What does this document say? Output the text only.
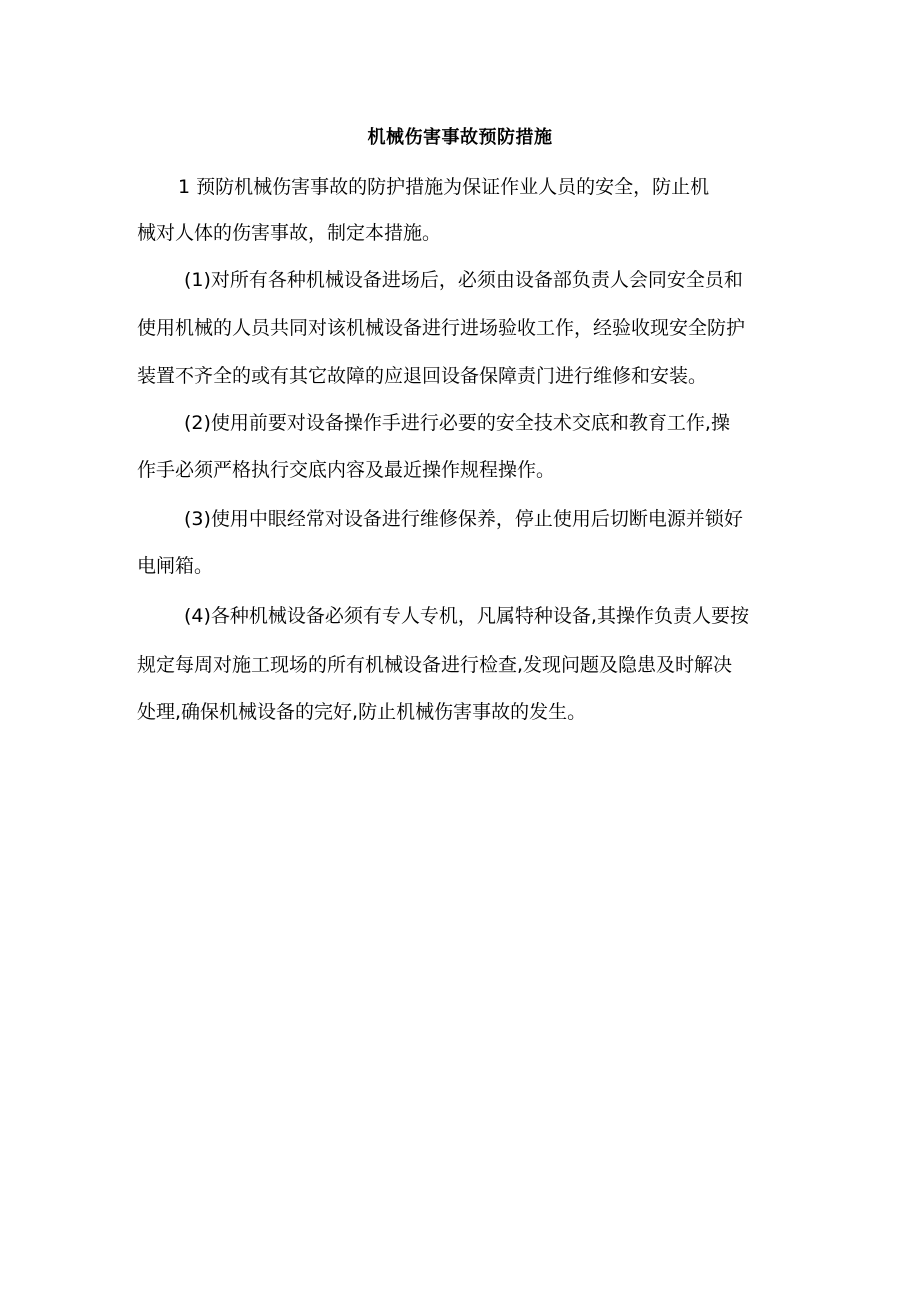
机械伤害事故预防措施
1 预防机械伤害事故的防护措施为保证作业人员的安全，防止机
械对人体的伤害事故，制定本措施。
(1)对所有各种机械设备进场后，必须由设备部负责人会同安全员和
使用机械的人员共同对该机械设备进行进场验收工作，经验收现安全防护
装置不齐全的或有其它故障的应退回设备保障责门进行维修和安装。
(2)使用前要对设备操作手进行必要的安全技术交底和教育工作,操
作手必须严格执行交底内容及最近操作规程操作。
(3)使用中眼经常对设备进行维修保养，停止使用后切断电源并锁好
电闸箱。
(4)各种机械设备必须有专人专机，凡属特种设备,其操作负责人要按
规定每周对施工现场的所有机械设备进行检查,发现问题及隐患及时解决
处理,确保机械设备的完好,防止机械伤害事故的发生。
